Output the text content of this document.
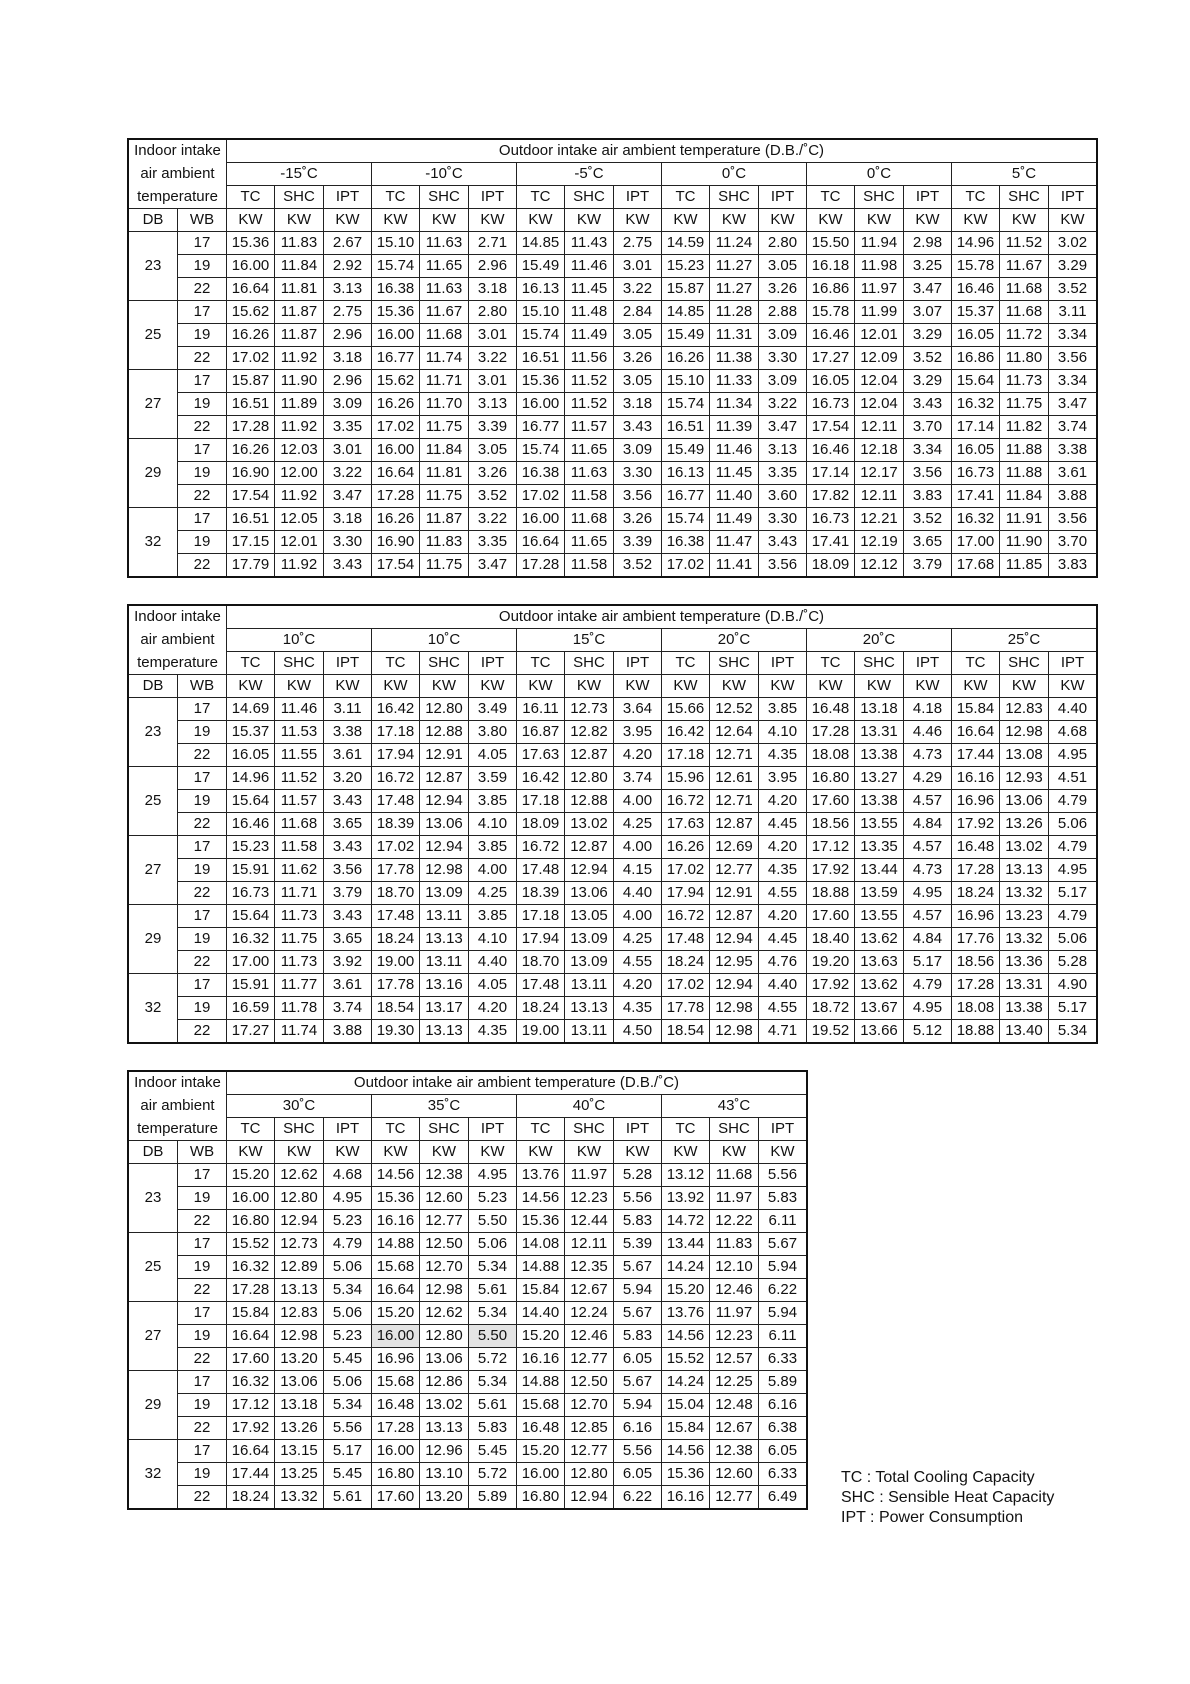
Indoor intake		Outdoor intake air ambient temperature (D.B./˚C)																	
air ambient		-15˚C			-10˚C			-5˚C			0˚C			0˚C			5˚C		
temperature		TC	SHC	IPT	TC	SHC	IPT	TC	SHC	IPT	TC	SHC	IPT	TC	SHC	IPT	TC	SHC	IPT
DB	WB	KW	KW	KW	KW	KW	KW	KW	KW	KW	KW	KW	KW	KW	KW	KW	KW	KW	KW
23	17	15.36	11.83	2.67	15.10	11.63	2.71	14.85	11.43	2.75	14.59	11.24	2.80	15.50	11.94	2.98	14.96	11.52	3.02
	19	16.00	11.84	2.92	15.74	11.65	2.96	15.49	11.46	3.01	15.23	11.27	3.05	16.18	11.98	3.25	15.78	11.67	3.29
	22	16.64	11.81	3.13	16.38	11.63	3.18	16.13	11.45	3.22	15.87	11.27	3.26	16.86	11.97	3.47	16.46	11.68	3.52
25	17	15.62	11.87	2.75	15.36	11.67	2.80	15.10	11.48	2.84	14.85	11.28	2.88	15.78	11.99	3.07	15.37	11.68	3.11
	19	16.26	11.87	2.96	16.00	11.68	3.01	15.74	11.49	3.05	15.49	11.31	3.09	16.46	12.01	3.29	16.05	11.72	3.34
	22	17.02	11.92	3.18	16.77	11.74	3.22	16.51	11.56	3.26	16.26	11.38	3.30	17.27	12.09	3.52	16.86	11.80	3.56
27	17	15.87	11.90	2.96	15.62	11.71	3.01	15.36	11.52	3.05	15.10	11.33	3.09	16.05	12.04	3.29	15.64	11.73	3.34
	19	16.51	11.89	3.09	16.26	11.70	3.13	16.00	11.52	3.18	15.74	11.34	3.22	16.73	12.04	3.43	16.32	11.75	3.47
	22	17.28	11.92	3.35	17.02	11.75	3.39	16.77	11.57	3.43	16.51	11.39	3.47	17.54	12.11	3.70	17.14	11.82	3.74
29	17	16.26	12.03	3.01	16.00	11.84	3.05	15.74	11.65	3.09	15.49	11.46	3.13	16.46	12.18	3.34	16.05	11.88	3.38
	19	16.90	12.00	3.22	16.64	11.81	3.26	16.38	11.63	3.30	16.13	11.45	3.35	17.14	12.17	3.56	16.73	11.88	3.61
	22	17.54	11.92	3.47	17.28	11.75	3.52	17.02	11.58	3.56	16.77	11.40	3.60	17.82	12.11	3.83	17.41	11.84	3.88
32	17	16.51	12.05	3.18	16.26	11.87	3.22	16.00	11.68	3.26	15.74	11.49	3.30	16.73	12.21	3.52	16.32	11.91	3.56
	19	17.15	12.01	3.30	16.90	11.83	3.35	16.64	11.65	3.39	16.38	11.47	3.43	17.41	12.19	3.65	17.00	11.90	3.70
	22	17.79	11.92	3.43	17.54	11.75	3.47	17.28	11.58	3.52	17.02	11.41	3.56	18.09	12.12	3.79	17.68	11.85	3.83
Indoor intake		Outdoor intake air ambient temperature (D.B./˚C)																	
air ambient		10˚C			10˚C			15˚C			20˚C			20˚C			25˚C		
temperature		TC	SHC	IPT	TC	SHC	IPT	TC	SHC	IPT	TC	SHC	IPT	TC	SHC	IPT	TC	SHC	IPT
DB	WB	KW	KW	KW	KW	KW	KW	KW	KW	KW	KW	KW	KW	KW	KW	KW	KW	KW	KW
23	17	14.69	11.46	3.11	16.42	12.80	3.49	16.11	12.73	3.64	15.66	12.52	3.85	16.48	13.18	4.18	15.84	12.83	4.40
	19	15.37	11.53	3.38	17.18	12.88	3.80	16.87	12.82	3.95	16.42	12.64	4.10	17.28	13.31	4.46	16.64	12.98	4.68
	22	16.05	11.55	3.61	17.94	12.91	4.05	17.63	12.87	4.20	17.18	12.71	4.35	18.08	13.38	4.73	17.44	13.08	4.95
25	17	14.96	11.52	3.20	16.72	12.87	3.59	16.42	12.80	3.74	15.96	12.61	3.95	16.80	13.27	4.29	16.16	12.93	4.51
	19	15.64	11.57	3.43	17.48	12.94	3.85	17.18	12.88	4.00	16.72	12.71	4.20	17.60	13.38	4.57	16.96	13.06	4.79
	22	16.46	11.68	3.65	18.39	13.06	4.10	18.09	13.02	4.25	17.63	12.87	4.45	18.56	13.55	4.84	17.92	13.26	5.06
27	17	15.23	11.58	3.43	17.02	12.94	3.85	16.72	12.87	4.00	16.26	12.69	4.20	17.12	13.35	4.57	16.48	13.02	4.79
	19	15.91	11.62	3.56	17.78	12.98	4.00	17.48	12.94	4.15	17.02	12.77	4.35	17.92	13.44	4.73	17.28	13.13	4.95
	22	16.73	11.71	3.79	18.70	13.09	4.25	18.39	13.06	4.40	17.94	12.91	4.55	18.88	13.59	4.95	18.24	13.32	5.17
29	17	15.64	11.73	3.43	17.48	13.11	3.85	17.18	13.05	4.00	16.72	12.87	4.20	17.60	13.55	4.57	16.96	13.23	4.79
	19	16.32	11.75	3.65	18.24	13.13	4.10	17.94	13.09	4.25	17.48	12.94	4.45	18.40	13.62	4.84	17.76	13.32	5.06
	22	17.00	11.73	3.92	19.00	13.11	4.40	18.70	13.09	4.55	18.24	12.95	4.76	19.20	13.63	5.17	18.56	13.36	5.28
32	17	15.91	11.77	3.61	17.78	13.16	4.05	17.48	13.11	4.20	17.02	12.94	4.40	17.92	13.62	4.79	17.28	13.31	4.90
	19	16.59	11.78	3.74	18.54	13.17	4.20	18.24	13.13	4.35	17.78	12.98	4.55	18.72	13.67	4.95	18.08	13.38	5.17
	22	17.27	11.74	3.88	19.30	13.13	4.35	19.00	13.11	4.50	18.54	12.98	4.71	19.52	13.66	5.12	18.88	13.40	5.34
Indoor intake		Outdoor intake air ambient temperature (D.B./˚C)											
air ambient		30˚C			35˚C			40˚C			43˚C		
temperature		TC	SHC	IPT	TC	SHC	IPT	TC	SHC	IPT	TC	SHC	IPT
DB	WB	KW	KW	KW	KW	KW	KW	KW	KW	KW	KW	KW	KW
23	17	15.20	12.62	4.68	14.56	12.38	4.95	13.76	11.97	5.28	13.12	11.68	5.56
	19	16.00	12.80	4.95	15.36	12.60	5.23	14.56	12.23	5.56	13.92	11.97	5.83
	22	16.80	12.94	5.23	16.16	12.77	5.50	15.36	12.44	5.83	14.72	12.22	6.11
25	17	15.52	12.73	4.79	14.88	12.50	5.06	14.08	12.11	5.39	13.44	11.83	5.67
	19	16.32	12.89	5.06	15.68	12.70	5.34	14.88	12.35	5.67	14.24	12.10	5.94
	22	17.28	13.13	5.34	16.64	12.98	5.61	15.84	12.67	5.94	15.20	12.46	6.22
27	17	15.84	12.83	5.06	15.20	12.62	5.34	14.40	12.24	5.67	13.76	11.97	5.94
	19	16.64	12.98	5.23	16.00	12.80	5.50	15.20	12.46	5.83	14.56	12.23	6.11
	22	17.60	13.20	5.45	16.96	13.06	5.72	16.16	12.77	6.05	15.52	12.57	6.33
29	17	16.32	13.06	5.06	15.68	12.86	5.34	14.88	12.50	5.67	14.24	12.25	5.89
	19	17.12	13.18	5.34	16.48	13.02	5.61	15.68	12.70	5.94	15.04	12.48	6.16
	22	17.92	13.26	5.56	17.28	13.13	5.83	16.48	12.85	6.16	15.84	12.67	6.38
32	17	16.64	13.15	5.17	16.00	12.96	5.45	15.20	12.77	5.56	14.56	12.38	6.05
	19	17.44	13.25	5.45	16.80	13.10	5.72	16.00	12.80	6.05	15.36	12.60	6.33
	22	18.24	13.32	5.61	17.60	13.20	5.89	16.80	12.94	6.22	16.16	12.77	6.49
TC : Total Cooling Capacity
SHC : Sensible Heat Capacity
IPT : Power Consumption
